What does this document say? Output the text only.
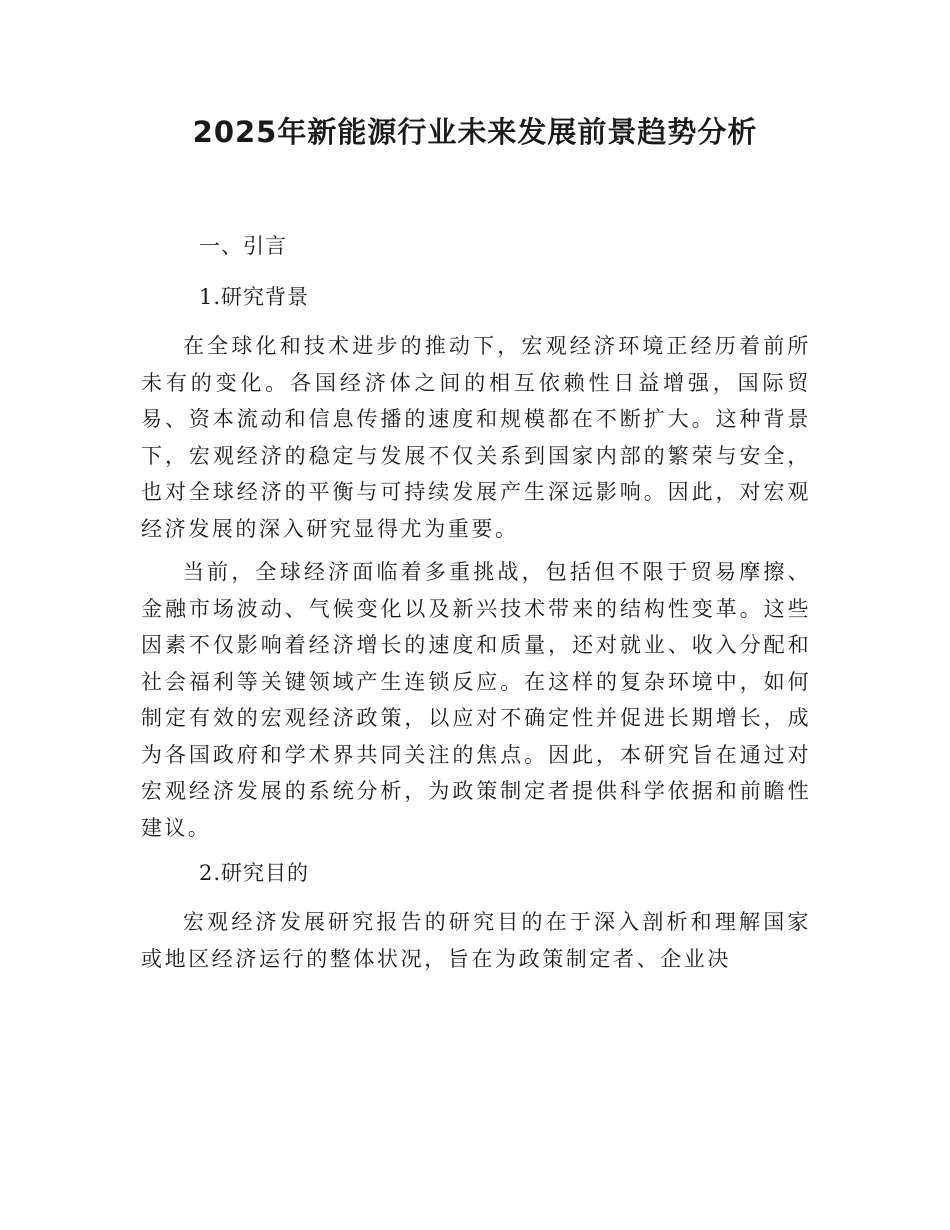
2025年新能源行业未来发展前景趋势分析
一、引言
1.研究背景

在全球化和技术进步的推动下，宏观经济环境正经历着前所未有的变化。各国经济体之间的相互依赖性日益增强，国际贸易、资本流动和信息传播的速度和规模都在不断扩大。这种背景下，宏观经济的稳定与发展不仅关系到国家内部的繁荣与安全，也对全球经济的平衡与可持续发展产生深远影响。因此，对宏观经济发展的深入研究显得尤为重要。

当前，全球经济面临着多重挑战，包括但不限于贸易摩擦、金融市场波动、气候变化以及新兴技术带来的结构性变革。这些因素不仅影响着经济增长的速度和质量，还对就业、收入分配和社会福利等关键领域产生连锁反应。在这样的复杂环境中，如何制定有效的宏观经济政策，以应对不确定性并促进长期增长，成为各国政府和学术界共同关注的焦点。因此，本研究旨在通过对宏观经济发展的系统分析，为政策制定者提供科学依据和前瞻性建议。

2.研究目的

宏观经济发展研究报告的研究目的在于深入剖析和理解国家或地区经济运行的整体状况，旨在为政策制定者、企业决
